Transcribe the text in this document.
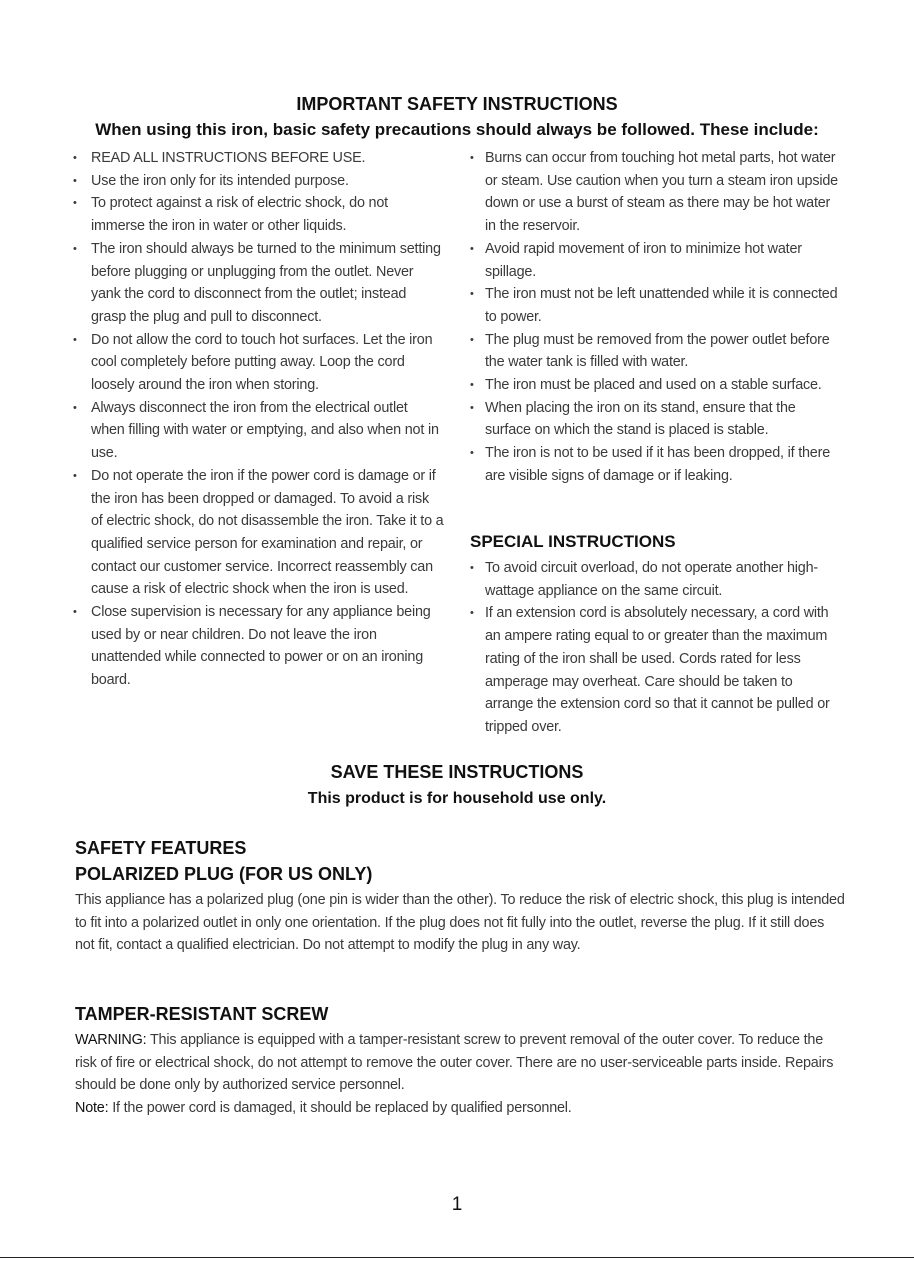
IMPORTANT SAFETY INSTRUCTIONS

When using this iron, basic safety precautions should always be followed. These include:

• READ ALL INSTRUCTIONS BEFORE USE.
• Use the iron only for its intended purpose.
• To protect against a risk of electric shock, do not immerse the iron in water or other liquids.
• The iron should always be turned to the minimum setting before plugging or unplugging from the outlet. Never yank the cord to disconnect from the outlet; instead grasp the plug and pull to disconnect.
• Do not allow the cord to touch hot surfaces. Let the iron cool completely before putting away. Loop the cord loosely around the iron when storing.
• Always disconnect the iron from the electrical outlet when filling with water or emptying, and also when not in use.
• Do not operate the iron if the power cord is damage or if the iron has been dropped or damaged. To avoid a risk of electric shock, do not disassemble the iron. Take it to a qualified service person for examination and repair, or contact our customer service. Incorrect reassembly can cause a risk of electric shock when the iron is used.
• Close supervision is necessary for any appliance being used by or near children. Do not leave the iron unattended while connected to power or on an ironing board.
• Burns can occur from touching hot metal parts, hot water or steam. Use caution when you turn a steam iron upside down or use a burst of steam as there may be hot water in the reservoir.
• Avoid rapid movement of iron to minimize hot water spillage.
• The iron must not be left unattended while it is connected to power.
• The plug must be removed from the power outlet before the water tank is filled with water.
• The iron must be placed and used on a stable surface.
• When placing the iron on its stand, ensure that the surface on which the stand is placed is stable.
• The iron is not to be used if it has been dropped, if there are visible signs of damage or if leaking.
SPECIAL INSTRUCTIONS
• To avoid circuit overload, do not operate another high-wattage appliance on the same circuit.
• If an extension cord is absolutely necessary, a cord with an ampere rating equal to or greater than the maximum rating of the iron shall be used. Cords rated for less amperage may overheat. Care should be taken to arrange the extension cord so that it cannot be pulled or tripped over.
SAVE THESE INSTRUCTIONS

This product is for household use only.

SAFETY FEATURES
POLARIZED PLUG (FOR US ONLY)

This appliance has a polarized plug (one pin is wider than the other). To reduce the risk of electric shock, this plug is intended to fit into a polarized outlet in only one orientation. If the plug does not fit fully into the outlet, reverse the plug. If it still does not fit, contact a qualified electrician. Do not attempt to modify the plug in any way.

TAMPER-RESISTANT SCREW

WARNING: This appliance is equipped with a tamper-resistant screw to prevent removal of the outer cover. To reduce the risk of fire or electrical shock, do not attempt to remove the outer cover. There are no user-serviceable parts inside. Repairs should be done only by authorized service personnel.

Note: If the power cord is damaged, it should be replaced by qualified personnel.

1
